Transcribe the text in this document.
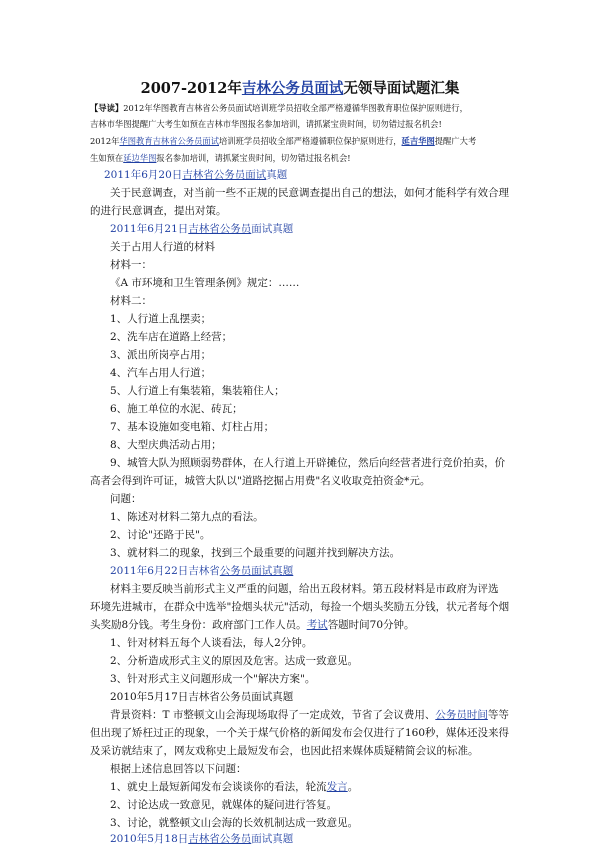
2007-2012年吉林公务员面试无领导面试题汇集
【导读】2012年华图教育吉林省公务员面试培训班学员招收全部严格遵循华图教育职位保护原则进行，
吉林市华图提醒广大考生如预在吉林市华图报名参加培训，请抓紧宝贵时间，切勿错过报名机会!
2012年华图教育吉林省公务员面试培训班学员招收全部严格遵循职位保护原则进行，延吉华图提醒广大考
生如预在延边华图报名参加培训，请抓紧宝贵时间，切勿错过报名机会!
2011年6月20日吉林省公务员面试真题
关于民意调查，对当前一些不正规的民意调查提出自己的想法，如何才能科学有效合理
的进行民意调查，提出对策。
2011年6月21日吉林省公务员面试真题
关于占用人行道的材料
材料一：
《A 市环境和卫生管理条例》规定：……
材料二：
1、人行道上乱摆卖；
2、洗车店在道路上经营；
3、派出所岗亭占用；
4、汽车占用人行道；
5、人行道上有集装箱，集装箱住人；
6、施工单位的水泥、砖瓦；
7、基本设施如变电箱、灯柱占用；
8、大型庆典活动占用；
9、城管大队为照顾弱势群体，在人行道上开辟摊位，然后向经营者进行竞价拍卖，价
高者会得到许可证，城管大队以"道路挖掘占用费"名义收取竞拍资金*元。
问题：
1、陈述对材料二第九点的看法。
2、讨论"还路于民"。
3、就材料二的现象，找到三个最重要的问题并找到解决方法。
2011年6月22日吉林省公务员面试真题
材料主要反映当前形式主义严重的问题，给出五段材料。第五段材料是市政府为评选
环境先进城市，在群众中选举"捡烟头状元"活动，每捡一个烟头奖励五分钱，状元者每个烟
头奖励8分钱。考生身份：政府部门工作人员。考试答题时间70分钟。
1、针对材料五每个人谈看法，每人2分钟。
2、分析造成形式主义的原因及危害。达成一致意见。
3、针对形式主义问题形成一个"解决方案"。
2010年5月17日吉林省公务员面试真题
背景资料：T 市整顿文山会海现场取得了一定成效，节省了会议费用、公务员时间等等
但出现了矫枉过正的现象，一个关于煤气价格的新闻发布会仅进行了160秒，媒体还没来得
及采访就结束了，网友戏称史上最短发布会，也因此招来媒体质疑精简会议的标准。
根据上述信息回答以下问题：
1、就史上最短新闻发布会谈谈你的看法，轮流发言。
2、讨论达成一致意见，就媒体的疑问进行答复。
3、讨论，就整顿文山会海的长效机制达成一致意见。
2010年5月18日吉林省公务员面试真题
